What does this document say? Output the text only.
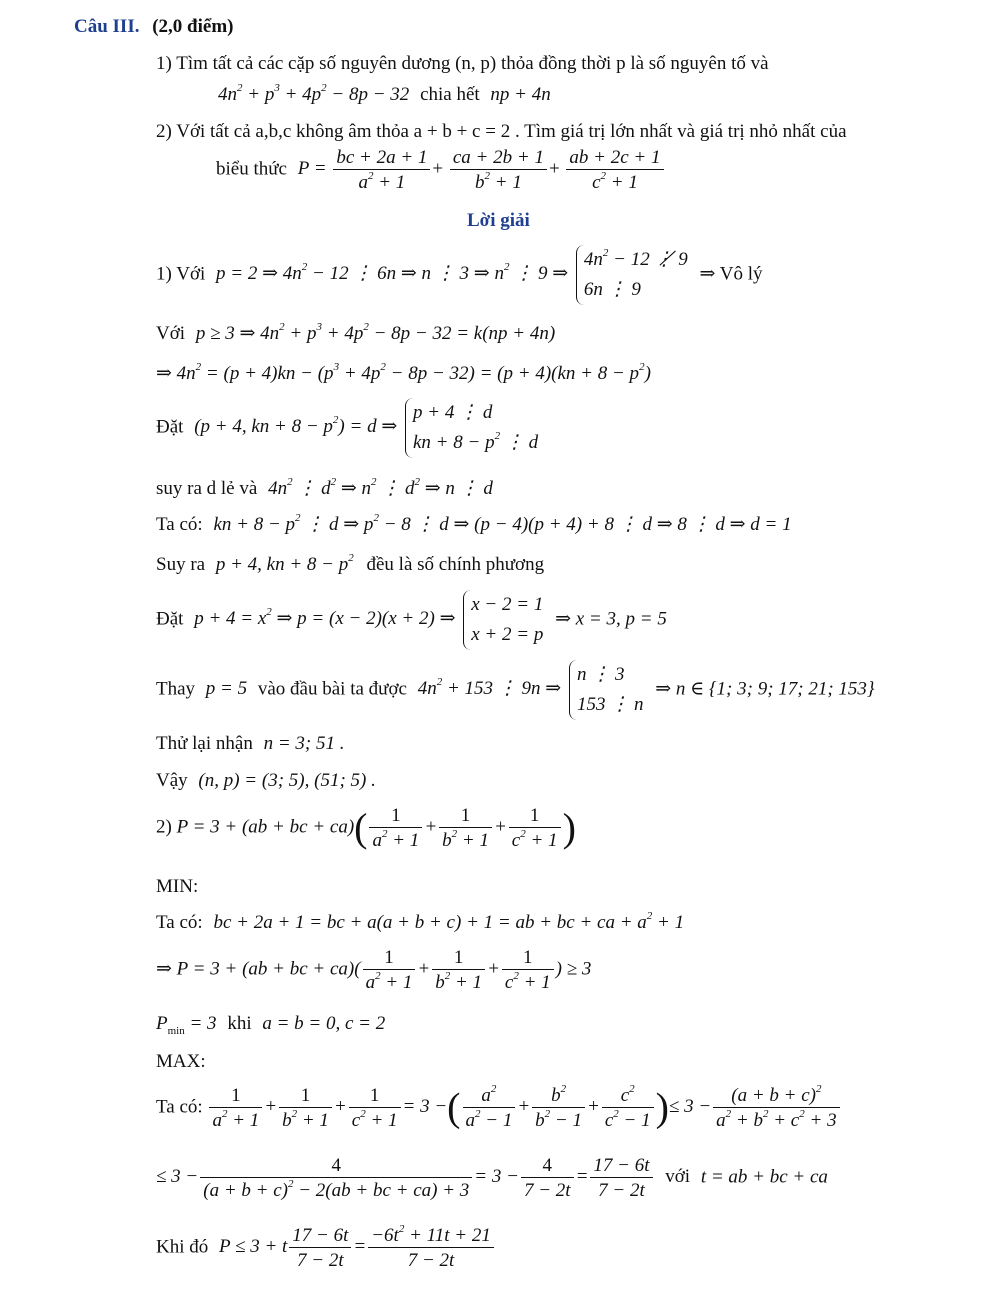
Câu III. (2,0 điểm)
1) Tìm tất cả các cặp số nguyên dương (n, p) thỏa đồng thời p là số nguyên tố và
$4n^2 + p^3 + 4p^2 - 8p - 32$ chia hết np + 4n
2) Với tất cả a,b,c không âm thỏa a + b + c = 2 . Tìm giá trị lớn nhất và giá trị nhỏ nhất của
biểu thức $P = \frac{bc + 2a + 1}{a^2 + 1} + \frac{ca + 2b + 1}{b^2 + 1} + \frac{ab + 2c + 1}{c^2 + 1}$
Lời giải
1) Với p = 2 ⇒ $4n^2 - 12$ ⋮ 6n ⇒ n ⋮ 3 ⇒ $n^2$ ⋮ 9 ⇒
$4n^2 - 12$ ⋮̸ 9
6n ⋮ 9
⇒ Vô lý
Với p ≥ 3 ⇒ $4n^2 + p^3 + 4p^2 - 8p - 32 = k(np + 4n)$
⇒ $4n^2 = (p + 4)kn - (p^3 + 4p^2 - 8p - 32) = (p + 4)(kn + 8 - p^2)$
Đặt (p + 4, kn + $8 - p^2) = d$ ⇒
p + 4 ⋮ d
kn + $8 - p^2$ ⋮ d
suy ra d lẻ và $4n^2$ ⋮ $d^2$ ⇒ $n^2$ ⋮ $d^2$ ⇒ n ⋮ d
Ta có: kn + $8 - p^2$ ⋮ d ⇒ $p^2 - 8$ ⋮ d ⇒ (p − 4)(p + 4) + 8 ⋮ d ⇒ 8 ⋮ d ⇒ d = 1
Suy ra p + 4, kn + $8 - p^2$ đều là số chính phương
Đặt $p + 4 = x^2$ ⇒ p = (x − 2)(x + 2) ⇒
x − 2 = 1
x + 2 = p
⇒ x = 3, p = 5
Thay p = 5 vào đầu bài ta được $4n^2 + 153$ ⋮ 9n ⇒
n ⋮ 3
153 ⋮ n
⇒ n ∈ {1; 3; 9; 17; 21; 153}
Thử lại nhận n = 3; 51 .
Vậy (n, p) = (3; 5), (51; 5) .
2) P = 3 + (ab + bc + $ca)( \frac{1}{a^2 + 1} + \frac{1}{b^2 + 1} + \frac{1}{c^2 + 1}$ )
MIN:
Ta có: bc + 2a + 1 = bc + a(a + b + c) + 1 = ab + bc + ca + $a^2 + 1$
⇒ P = 3 + (ab + bc + $ca)( \frac{1}{a^2 + 1} + \frac{1}{b^2 + 1} + \frac{1}{c^2 + 1}$ ) ≥ 3
$P_{min} = 3$ khi a = b = 0, c = 2
MAX:
Ta có: $\frac{1}{a^2 + 1} + \frac{1}{b^2 + 1} + \frac{1}{c^2 + 1} = 3$ −( $\frac{a^2}{a^2 - 1} + \frac{b^2}{b^2 - 1} + \frac{c^2}{c^2 - 1}$ )≤ $3 - \frac{(a + b + c)^2}{a^2 + b^2 + c^2 + 3}$
≤ $3 - \frac{4}{(a + b + c)^2 - 2(ab + bc + ca) + 3} = 3 - \frac{4}{7 - 2t} = \frac{17 - 6t}{7 - 2t}$ với t = ab + bc + ca
Khi đó P ≤ 3 + t $\frac{17 - 6t}{7 - 2t} = \frac{-6t^2 + 11t + 21}{7 - 2t}$
